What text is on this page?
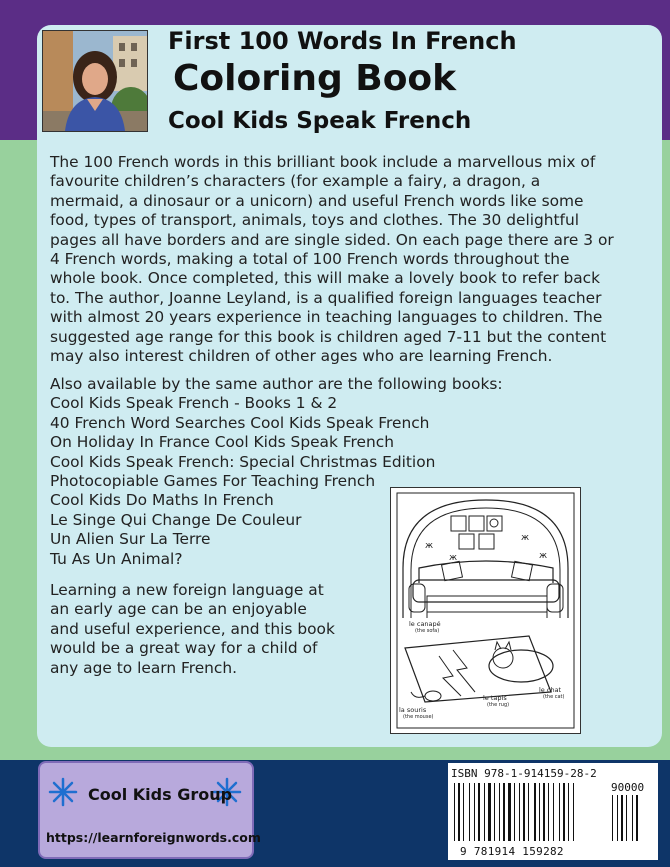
First 100 Words In French
Coloring Book
Cool Kids Speak French

The 100 French words in this brilliant book include a marvellous mix of favourite children’s characters (for example a fairy, a dragon, a mermaid, a dinosaur or a unicorn) and useful French words like some food, types of transport, animals, toys and clothes. The 30 delightful pages all have borders and are single sided. On each page there are 3 or 4 French words, making a total of 100 French words throughout the whole book. Once completed, this will make a lovely book to refer back to. The author, Joanne Leyland, is a qualified foreign languages teacher with almost 20 years experience in teaching languages to children. The suggested age range for this book is children aged 7-11 but the content may also interest children of other ages who are learning French.

Also available by the same author are the following books:
Cool Kids Speak French - Books 1 & 2
40 French Word Searches Cool Kids Speak French
On Holiday In France Cool Kids Speak French
Cool Kids Speak French: Special Christmas Edition
Photocopiable Games For Teaching French
Cool Kids Do Maths In French
Le Singe Qui Change De Couleur
Un Alien Sur La Terre
Tu As Un Animal?
Learning a new foreign language at an early age can be an enjoyable and useful experience, and this book would be a great way for a child of any age to learn French.
ж
ж
ж
ж
le canapé
(the sofa)
le chat
(the cat)
le tapis
(the rug)
la souris
(the mouse)
Cool Kids Group
https://learnforeignwords.com
ISBN 978-1-914159-28-2
90000
9 781914 159282
